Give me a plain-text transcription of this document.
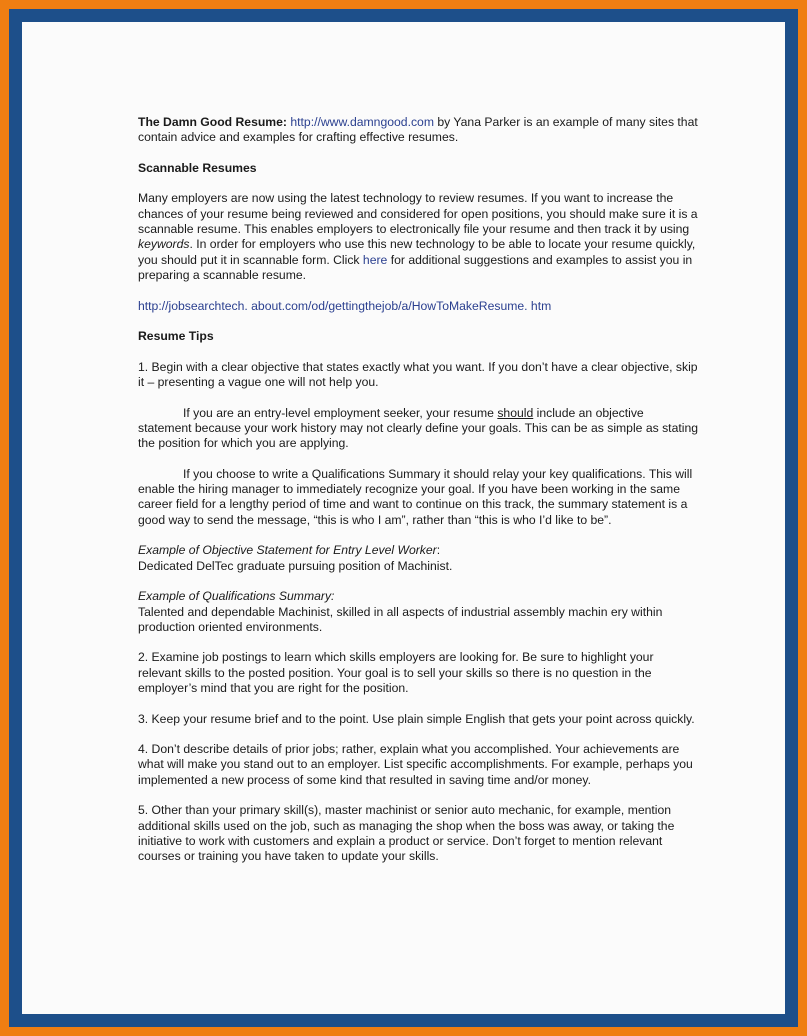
The Damn Good Resume: http://www.damngood.com by Yana Parker is an example of many sites that contain advice and examples for crafting effective resumes.

Scannable Resumes

Many employers are now using the latest technology to review resumes. If you want to increase the chances of your resume being reviewed and considered for open positions, you should make sure it is a scannable resume. This enables employers to electronically file your resume and then track it by using keywords. In order for employers who use this new technology to be able to locate your resume quickly, you should put it in scannable form. Click here for additional suggestions and examples to assist you in preparing a scannable resume.

http://jobsearchtech. about.com/od/gettingthejob/a/HowToMakeResume. htm

Resume Tips

1. Begin with a clear objective that states exactly what you want. If you don’t have a clear objective, skip it – presenting a vague one will not help you.

If you are an entry-level employment seeker, your resume should include an objective statement because your work history may not clearly define your goals. This can be as simple as stating the position for which you are applying.

If you choose to write a Qualifications Summary it should relay your key qualifications. This will enable the hiring manager to immediately recognize your goal. If you have been working in the same career field for a lengthy period of time and want to continue on this track, the summary statement is a good way to send the message, “this is who I am”, rather than “this is who I’d like to be”.

Example of Objective Statement for Entry Level Worker:

Dedicated DelTec graduate pursuing position of Machinist.

Example of Qualifications Summary:

Talented and dependable Machinist, skilled in all aspects of industrial assembly machin ery within production oriented environments.

2. Examine job postings to learn which skills employers are looking for. Be sure to highlight your relevant skills to the posted position. Your goal is to sell your skills so there is no question in the employer’s mind that you are right for the position.

3. Keep your resume brief and to the point. Use plain simple English that gets your point across quickly.

4. Don’t describe details of prior jobs; rather, explain what you accomplished. Your achievements are what will make you stand out to an employer. List specific accomplishments. For example, perhaps you implemented a new process of some kind that resulted in saving time and/or money.

5. Other than your primary skill(s), master machinist or senior auto mechanic, for example, mention additional skills used on the job, such as managing the shop when the boss was away, or taking the initiative to work with customers and explain a product or service. Don’t forget to mention relevant courses or training you have taken to update your skills.
